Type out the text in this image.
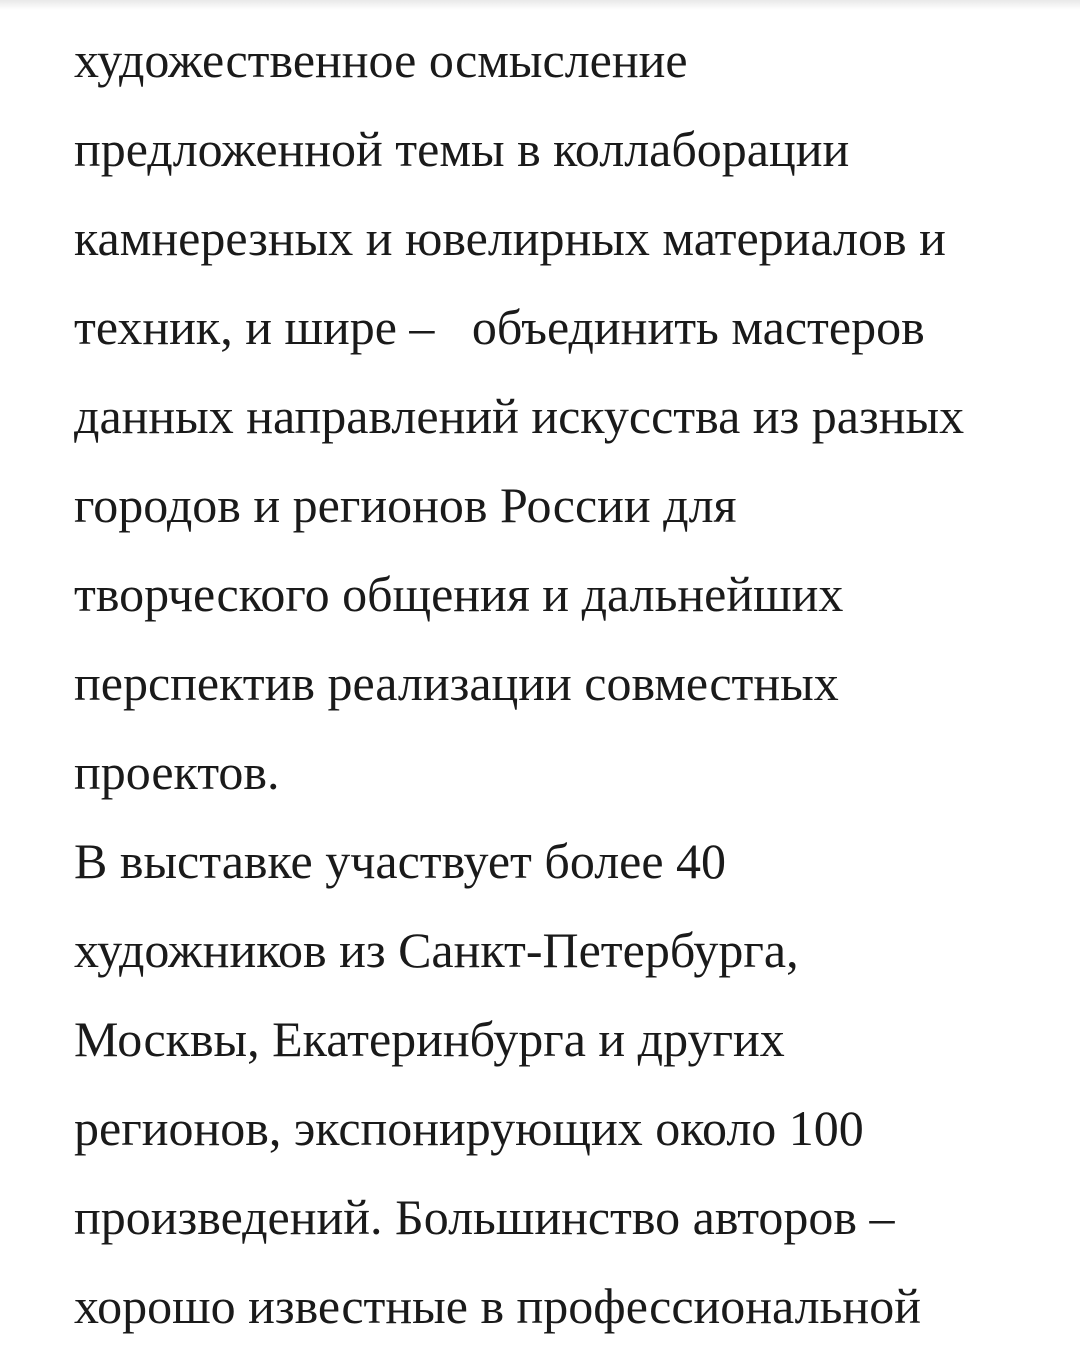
художественное осмысление
предложенной темы в коллаборации
камнерезных и ювелирных материалов и
техник, и шире –   объединить мастеров
данных направлений искусства из разных
городов и регионов России для
творческого общения и дальнейших
перспектив реализации совместных
проектов.
В выставке участвует более 40
художников из Санкт-Петербурга,
Москвы, Екатеринбурга и других
регионов, экспонирующих около 100
произведений. Большинство авторов –
хорошо известные в профессиональной
